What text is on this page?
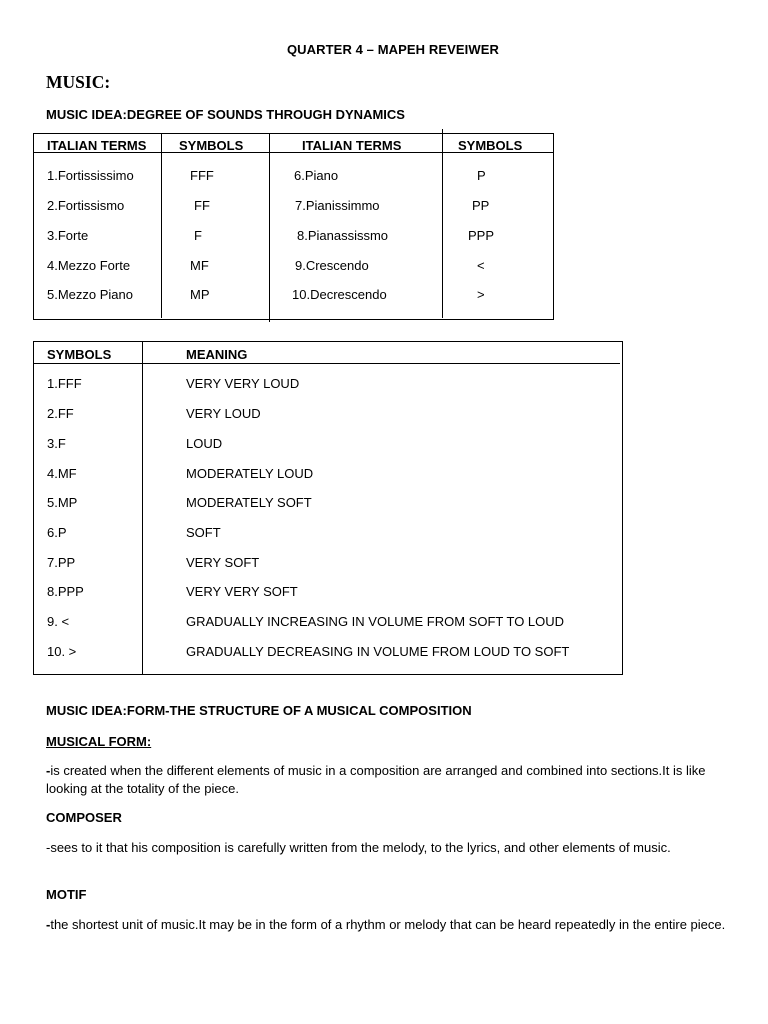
QUARTER 4 – MAPEH REVEIWER
MUSIC:
MUSIC IDEA:DEGREE OF SOUNDS THROUGH DYNAMICS
ITALIAN TERMS	SYMBOLS	ITALIAN TERMS	SYMBOLS
1.Fortississimo	FFF	6.Piano	P
2.Fortissismo	FF	7.Pianissimmo	PP
3.Forte	F	8.Pianassissmo	PPP
4.Mezzo Forte	MF	9.Crescendo	<
5.Mezzo Piano	MP	10.Decrescendo	>
SYMBOLS	MEANING
1.FFF	VERY VERY LOUD
2.FF	VERY LOUD
3.F	LOUD
4.MF	MODERATELY LOUD
5.MP	MODERATELY SOFT
6.P	SOFT
7.PP	VERY SOFT
8.PPP	VERY VERY SOFT
9. <	GRADUALLY INCREASING IN VOLUME FROM SOFT TO LOUD
10. >	GRADUALLY DECREASING IN VOLUME FROM LOUD TO SOFT
MUSIC IDEA:FORM-THE STRUCTURE OF A MUSICAL COMPOSITION
MUSICAL FORM:
-is created when the different elements of music in a composition are arranged and combined into sections.It is like looking at the totality of the piece.
COMPOSER
-sees to it that his composition is carefully written from the melody, to the lyrics, and other elements of music.
MOTIF
-the shortest unit of music.It may be in the form of a rhythm or melody that can be heard repeatedly in the entire piece.
